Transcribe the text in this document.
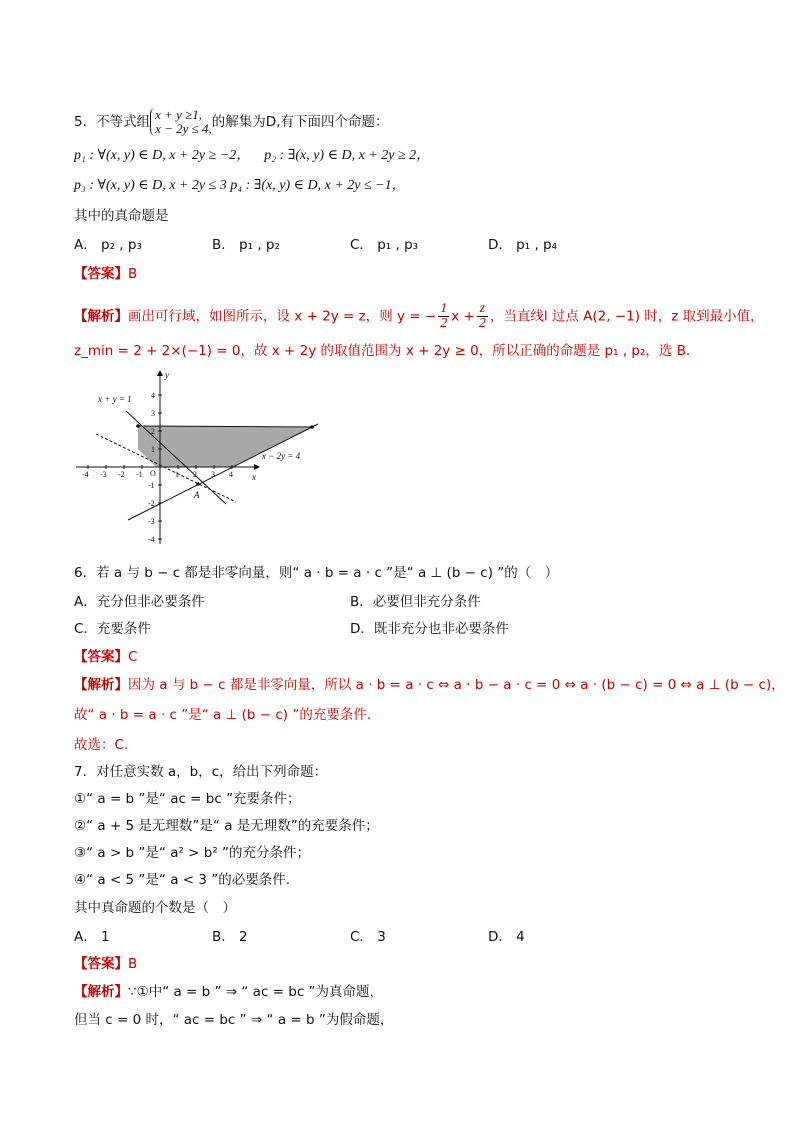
5．不等式组 x + y ≥1,
x − 2y ≤ 4, 的解集为D,有下面四个命题：
p₁ : ∀(x, y) ∈ D, x + 2y ≥ −2， p₂ : ∃(x, y) ∈ D, x + 2y ≥ 2，
p₃ : ∀(x, y) ∈ D, x + 2y ≤ 3 p₄ : ∃(x, y) ∈ D, x + 2y ≤ −1，
其中的真命题是
A． p₂ , p₃	B． p₁ , p₂	C． p₁ , p₃	D． p₁ , p₄
【答案】B
【解析】画出可行域，如图所示，设 x + 2y = z，则 y = − $\frac{1}{2}$ $x + \frac{z}{2}$ ，当直线l 过点 A(2, −1) 时，z 取到最小值，
z_min = 2 + 2×(−1) = 0，故 x + 2y 的取值范围为 x + 2y ≥ 0，所以正确的命题是 p₁ , p₂，选 B．
-4 -3 -2 -1	1 2 3 4
4
3
2
1
-1
-2
-3
-4
O	x
y
x + y = 1
x − 2y = 4
A
6．若 a 与 b − c 都是非零向量，则“ a · b = a · c ”是“ a ⊥ (b − c) ”的（　）
A．充分但非必要条件	B．必要但非充分条件
C．充要条件	D．既非充分也非必要条件
【答案】C
【解析】因为 a 与 b − c 都是非零向量，所以 a · b = a · c ⇔ a · b − a · c = 0 ⇔ a · (b − c) = 0 ⇔ a ⊥ (b − c)，
故“ a · b = a · c ”是“ a ⊥ (b − c) ”的充要条件.
故选：C.
7．对任意实数 a，b，c，给出下列命题：
①“ a = b ”是“ ac = bc ”充要条件；
②“ a + 5 是无理数”是“ a 是无理数”的充要条件；
③“ a > b ”是“ a² > b² ”的充分条件；
④“ a < 5 ”是“ a < 3 ”的必要条件.
其中真命题的个数是（　）
A． 1	B． 2	C． 3	D． 4
【答案】B
【解析】∵①中“ a = b ” ⇒ “ ac = bc ”为真命题，
但当 c = 0 时，“ ac = bc ” ⇒ “ a = b ”为假命题，
